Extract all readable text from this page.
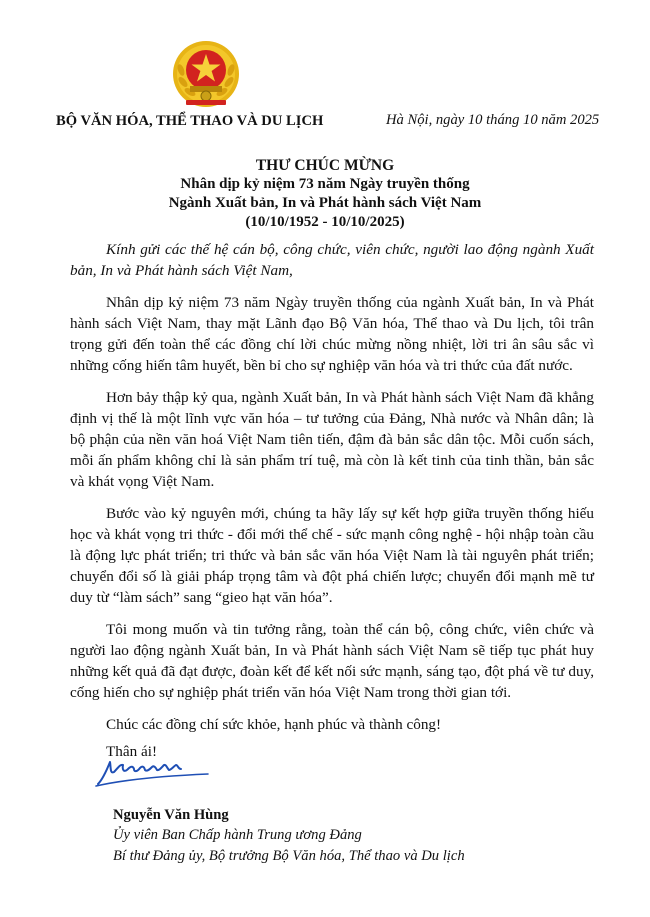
BỘ VĂN HÓA, THỂ THAO VÀ DU LỊCH	Hà Nội, ngày 10 tháng 10 năm 2025
THƯ CHÚC MỪNG
Nhân dịp kỷ niệm 73 năm Ngày truyền thống
Ngành Xuất bản, In và Phát hành sách Việt Nam
(10/10/1952 - 10/10/2025)

Kính gửi các thế hệ cán bộ, công chức, viên chức, người lao động ngành Xuất bản, In và Phát hành sách Việt Nam,

Nhân dịp kỷ niệm 73 năm Ngày truyền thống của ngành Xuất bản, In và Phát hành sách Việt Nam, thay mặt Lãnh đạo Bộ Văn hóa, Thể thao và Du lịch, tôi trân trọng gửi đến toàn thể các đồng chí lời chúc mừng nồng nhiệt, lời tri ân sâu sắc vì những cống hiến tâm huyết, bền bỉ cho sự nghiệp văn hóa và tri thức của đất nước.

Hơn bảy thập kỷ qua, ngành Xuất bản, In và Phát hành sách Việt Nam đã khẳng định vị thế là một lĩnh vực văn hóa – tư tưởng của Đảng, Nhà nước và Nhân dân; là bộ phận của nền văn hoá Việt Nam tiên tiến, đậm đà bản sắc dân tộc. Mỗi cuốn sách, mỗi ấn phẩm không chỉ là sản phẩm trí tuệ, mà còn là kết tinh của tinh thần, bản sắc và khát vọng Việt Nam.

Bước vào kỷ nguyên mới, chúng ta hãy lấy sự kết hợp giữa truyền thống hiếu học và khát vọng tri thức - đổi mới thể chế - sức mạnh công nghệ - hội nhập toàn cầu là động lực phát triển; tri thức và bản sắc văn hóa Việt Nam là tài nguyên phát triển; chuyển đổi số là giải pháp trọng tâm và đột phá chiến lược; chuyển đổi mạnh mẽ tư duy từ “làm sách” sang “gieo hạt văn hóa”.

Tôi mong muốn và tin tưởng rằng, toàn thể cán bộ, công chức, viên chức và người lao động ngành Xuất bản, In và Phát hành sách Việt Nam sẽ tiếp tục phát huy những kết quả đã đạt được, đoàn kết để kết nối sức mạnh, sáng tạo, đột phá về tư duy, cống hiến cho sự nghiệp phát triển văn hóa Việt Nam trong thời gian tới.

Chúc các đồng chí sức khỏe, hạnh phúc và thành công!

Thân ái!

Nguyễn Văn Hùng
Ủy viên Ban Chấp hành Trung ương Đảng
Bí thư Đảng ủy, Bộ trưởng Bộ Văn hóa, Thể thao và Du lịch
